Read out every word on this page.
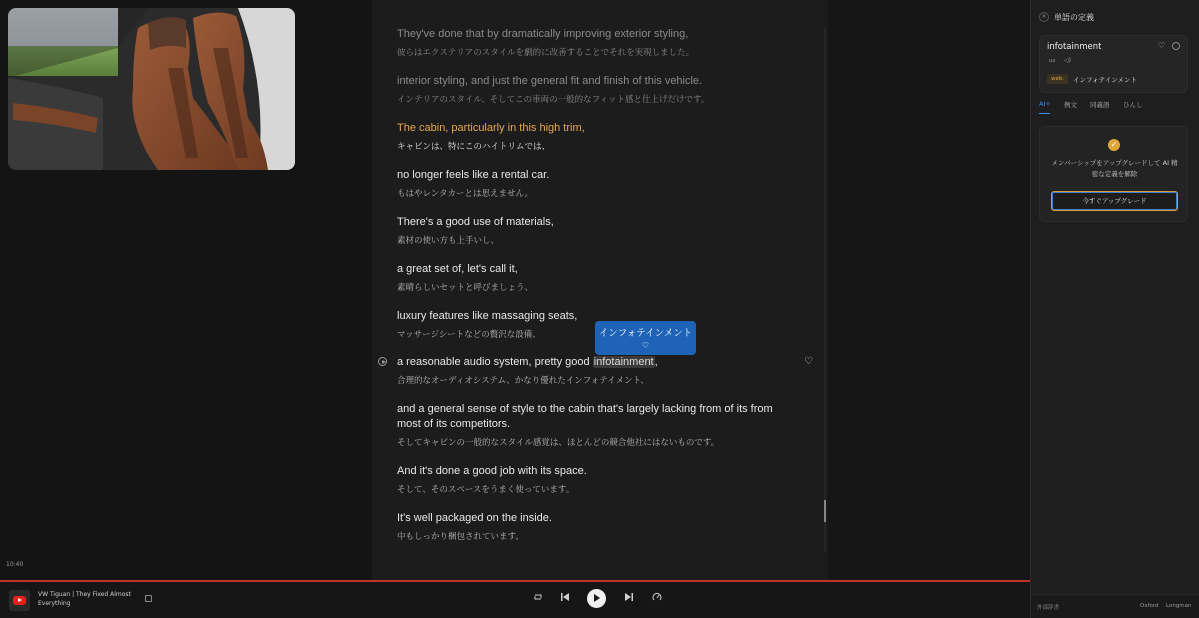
10:40
They've done that by dramatically improving exterior styling,
彼らはエクステリアのスタイルを劇的に改善することでそれを実現しました。
interior styling, and just the general fit and finish of this vehicle.
インテリアのスタイル、そしてこの車両の一般的なフィット感と仕上げだけです。
The cabin, particularly in this high trim,
キャビンは、特にこのハイトリムでは、
no longer feels like a rental car.
もはやレンタカーとは思えません。
There's a good use of materials,
素材の使い方も上手いし、
a great set of, let's call it,
素晴らしいセットと呼びましょう、
luxury features like massaging seats,
マッサージシートなどの贅沢な設備、
a reasonable audio system, pretty good infotainment,
合理的なオーディオシステム、かなり優れたインフォテイメント、
♡
and a general sense of style to the cabin that's largely lacking from of its from most of its competitors.
そしてキャビンの一般的なスタイル感覚は、ほとんどの競合他社にはないものです。
And it's done a good job with its space.
そして、そのスペースをうまく使っています。
It's well packaged on the inside.
中もしっかり梱包されています。
インフォテインメント
♡
× 単語の定義
infotainment	♡
us ◁)
web.	インフォテインメント
AI✧ 例文 同義語 ひんし
✓
メンバーシップをアップグレードして AI 精密な定義を解除
今すぐアップグレード
外部辞書	Oxford Longman
VW Tiguan | They Fixed Almost Everything
